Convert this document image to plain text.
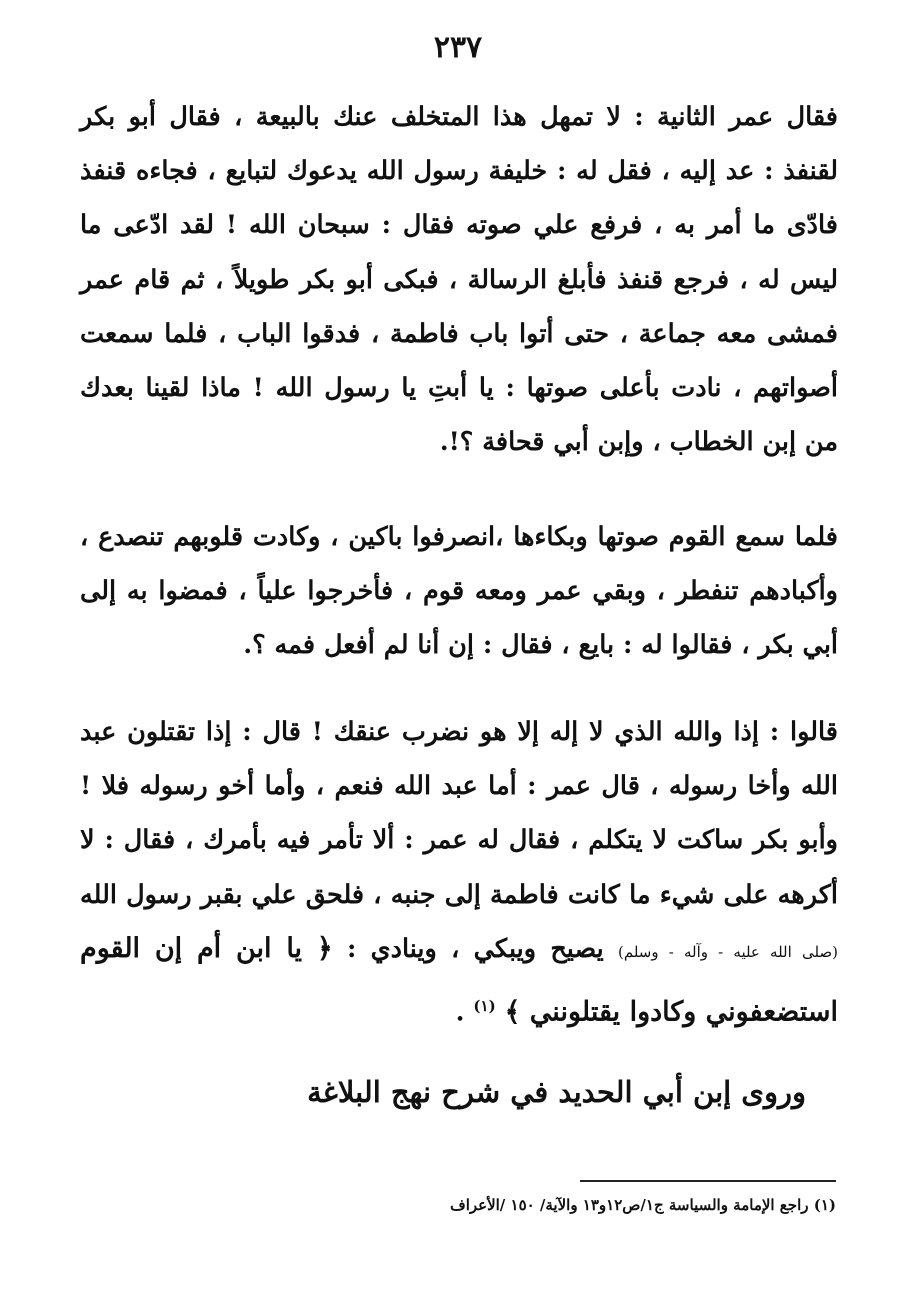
٢٣٧

فقال عمر الثانية : لا تمهل هذا المتخلف عنك بالبيعة ، فقال أبو بكر لقنفذ : عد إليه ، فقل له : خليفة رسول الله يدعوك لتبايع ، فجاءه قنفذ فادّى ما أمر به ، فرفع علي صوته فقال : سبحان الله ! لقد ادّعى ما ليس له ، فرجع قنفذ فأبلغ الرسالة ، فبكى أبو بكر طويلاً ، ثم قام عمر فمشى معه جماعة ، حتى أتوا باب فاطمة ، فدقوا الباب ، فلما سمعت أصواتهم ، نادت بأعلى صوتها : يا أبتِ يا رسول الله ! ماذا لقينا بعدك من إبن الخطاب ، وإبن أبي قحافة ؟!.

فلما سمع القوم صوتها وبكاءها ،انصرفوا باكين ، وكادت قلوبهم تنصدع ، وأكبادهم تنفطر ، وبقي عمر ومعه قوم ، فأخرجوا علياً ، فمضوا به إلى أبي بكر ، فقالوا له : بايع ، فقال : إن أنا لم أفعل فمه ؟.

قالوا : إذا والله الذي لا إله إلا هو نضرب عنقك ! قال : إذا تقتلون عبد الله وأخا رسوله ، قال عمر : أما عبد الله فنعم ، وأما أخو رسوله فلا ! وأبو بكر ساكت لا يتكلم ، فقال له عمر : ألا تأمر فيه بأمرك ، فقال : لا أكرهه على شيء ما كانت فاطمة إلى جنبه ، فلحق علي بقبر رسول الله (صلى الله عليه - وآله - وسلم) يصيح ويبكي ، وينادي : ﴿ يا ابن أم إن القوم استضعفوني وكادوا يقتلونني ﴾ $^{(١)}$ .

وروى إبن أبي الحديد في شرح نهج البلاغة

(١) راجع الإمامة والسياسة ج١/ص١٢و١٣ والآية/ ١٥٠ /الأعراف
